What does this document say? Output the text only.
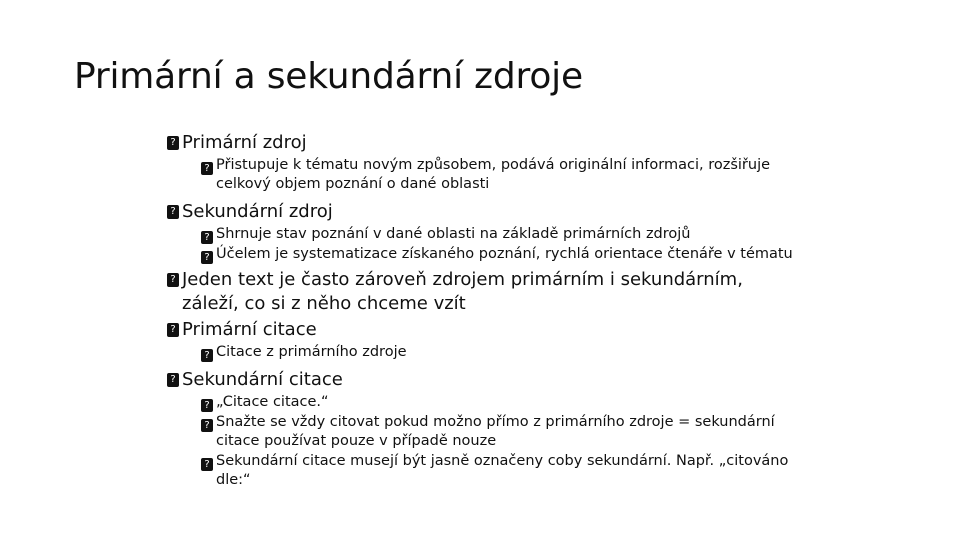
Primární a sekundární zdroje
? Primární zdroj
? Přistupuje k tématu novým způsobem, podává originální informaci, rozšiřuje celkový objem poznání o dané oblasti
? Sekundární zdroj
? Shrnuje stav poznání v dané oblasti na základě primárních zdrojů
? Účelem je systematizace získaného poznání, rychlá orientace čtenáře v tématu
? Jeden text je často zároveň zdrojem primárním i sekundárním, záleží, co si z něho chceme vzít
? Primární citace
? Citace z primárního zdroje
? Sekundární citace
? „Citace citace.“
? Snažte se vždy citovat pokud možno přímo z primárního zdroje = sekundární citace používat pouze v případě nouze
? Sekundární citace musejí být jasně označeny coby sekundární. Např. „citováno dle:“
